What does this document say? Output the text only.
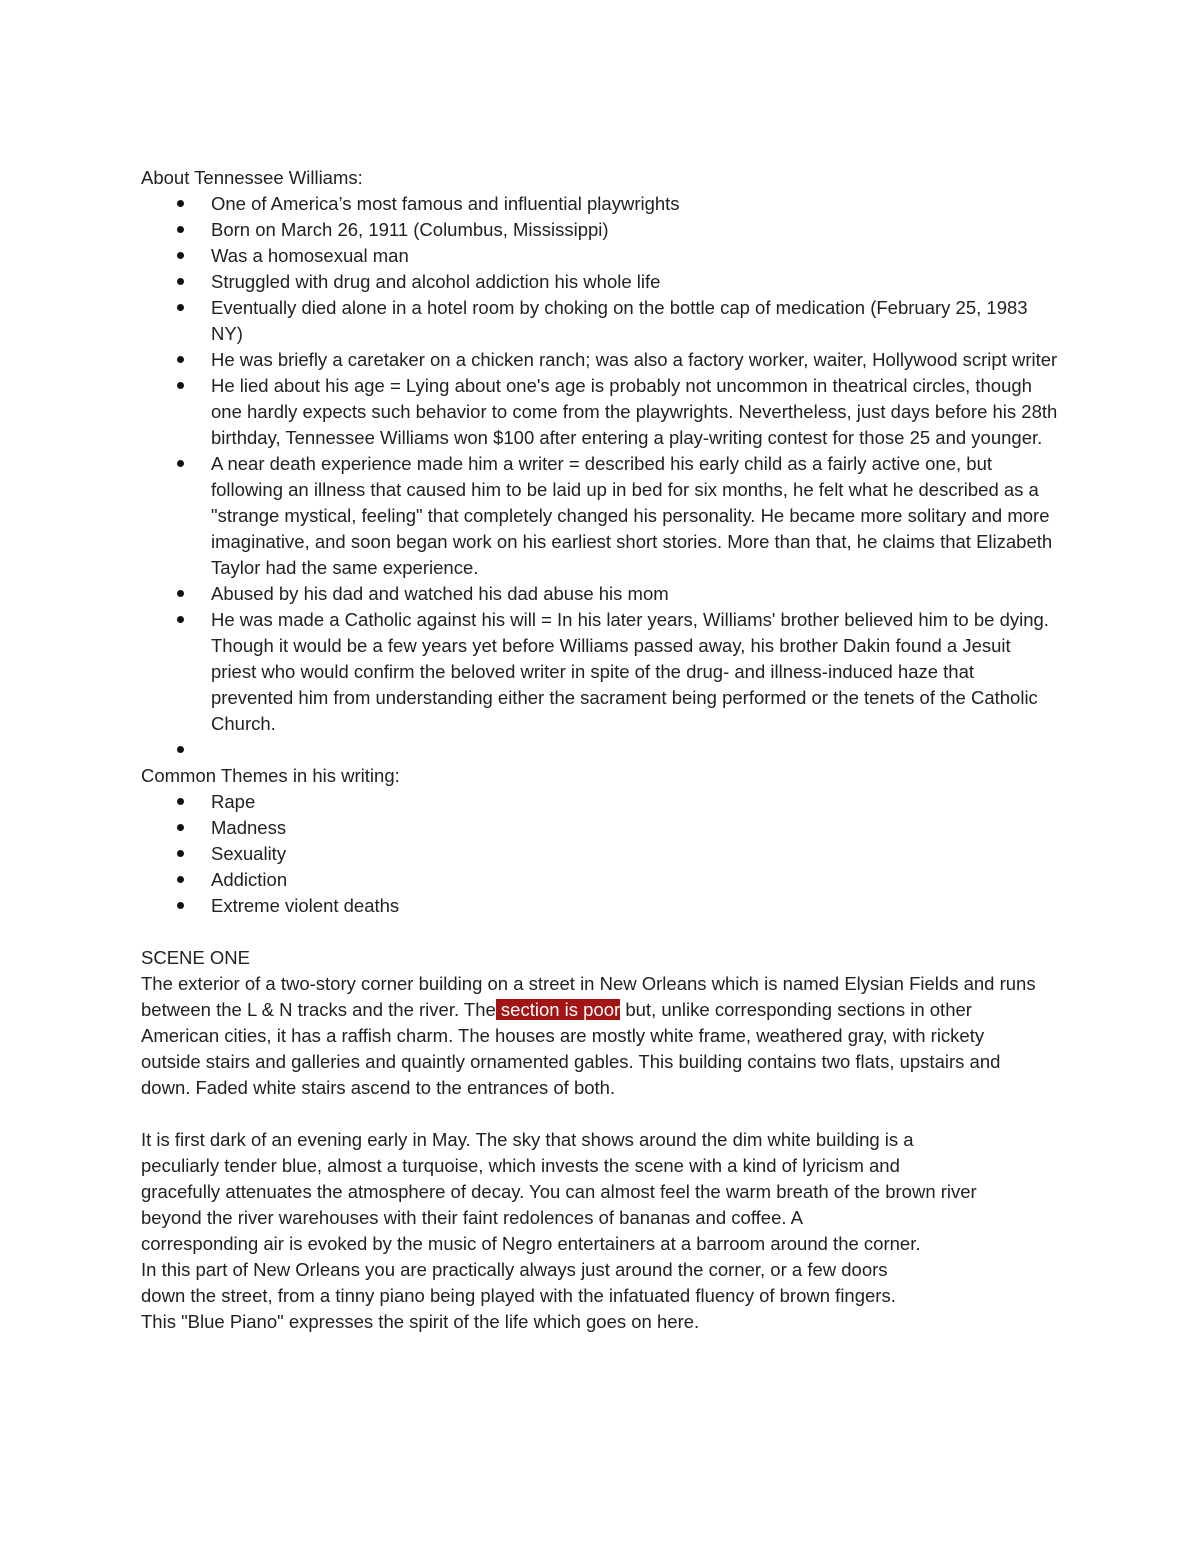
About Tennessee Williams:
One of America’s most famous and influential playwrights
Born on March 26, 1911 (Columbus, Mississippi)
Was a homosexual man
Struggled with drug and alcohol addiction his whole life
Eventually died alone in a hotel room by choking on the bottle cap of medication (February 25, 1983 NY)
He was briefly a caretaker on a chicken ranch; was also a factory worker, waiter, Hollywood script writer
He lied about his age = Lying about one's age is probably not uncommon in theatrical circles, though one hardly expects such behavior to come from the playwrights. Nevertheless, just days before his 28th birthday, Tennessee Williams won $100 after entering a play-writing contest for those 25 and younger.
A near death experience made him a writer = described his early child as a fairly active one, but following an illness that caused him to be laid up in bed for six months, he felt what he described as a "strange mystical, feeling" that completely changed his personality. He became more solitary and more imaginative, and soon began work on his earliest short stories. More than that, he claims that Elizabeth Taylor had the same experience.
Abused by his dad and watched his dad abuse his mom
He was made a Catholic against his will = In his later years, Williams' brother believed him to be dying. Though it would be a few years yet before Williams passed away, his brother Dakin found a Jesuit priest who would confirm the beloved writer in spite of the drug- and illness-induced haze that prevented him from understanding either the sacrament being performed or the tenets of the Catholic Church.
Common Themes in his writing:
Rape
Madness
Sexuality
Addiction
Extreme violent deaths
SCENE ONE

The exterior of a two-story corner building on a street in New Orleans which is named Elysian Fields and runs between the L & N tracks and the river. The section is poor but, unlike corresponding sections in other American cities, it has a raffish charm. The houses are mostly white frame, weathered gray, with rickety outside stairs and galleries and quaintly ornamented gables. This building contains two flats, upstairs and down. Faded white stairs ascend to the entrances of both.

It is first dark of an evening early in May. The sky that shows around the dim white building is a
peculiarly tender blue, almost a turquoise, which invests the scene with a kind of lyricism and
gracefully attenuates the atmosphere of decay. You can almost feel the warm breath of the brown river
beyond the river warehouses with their faint redolences of bananas and coffee. A
corresponding air is evoked by the music of Negro entertainers at a barroom around the corner.
In this part of New Orleans you are practically always just around the corner, or a few doors
down the street, from a tinny piano being played with the infatuated fluency of brown fingers.
This "Blue Piano" expresses the spirit of the life which goes on here.
